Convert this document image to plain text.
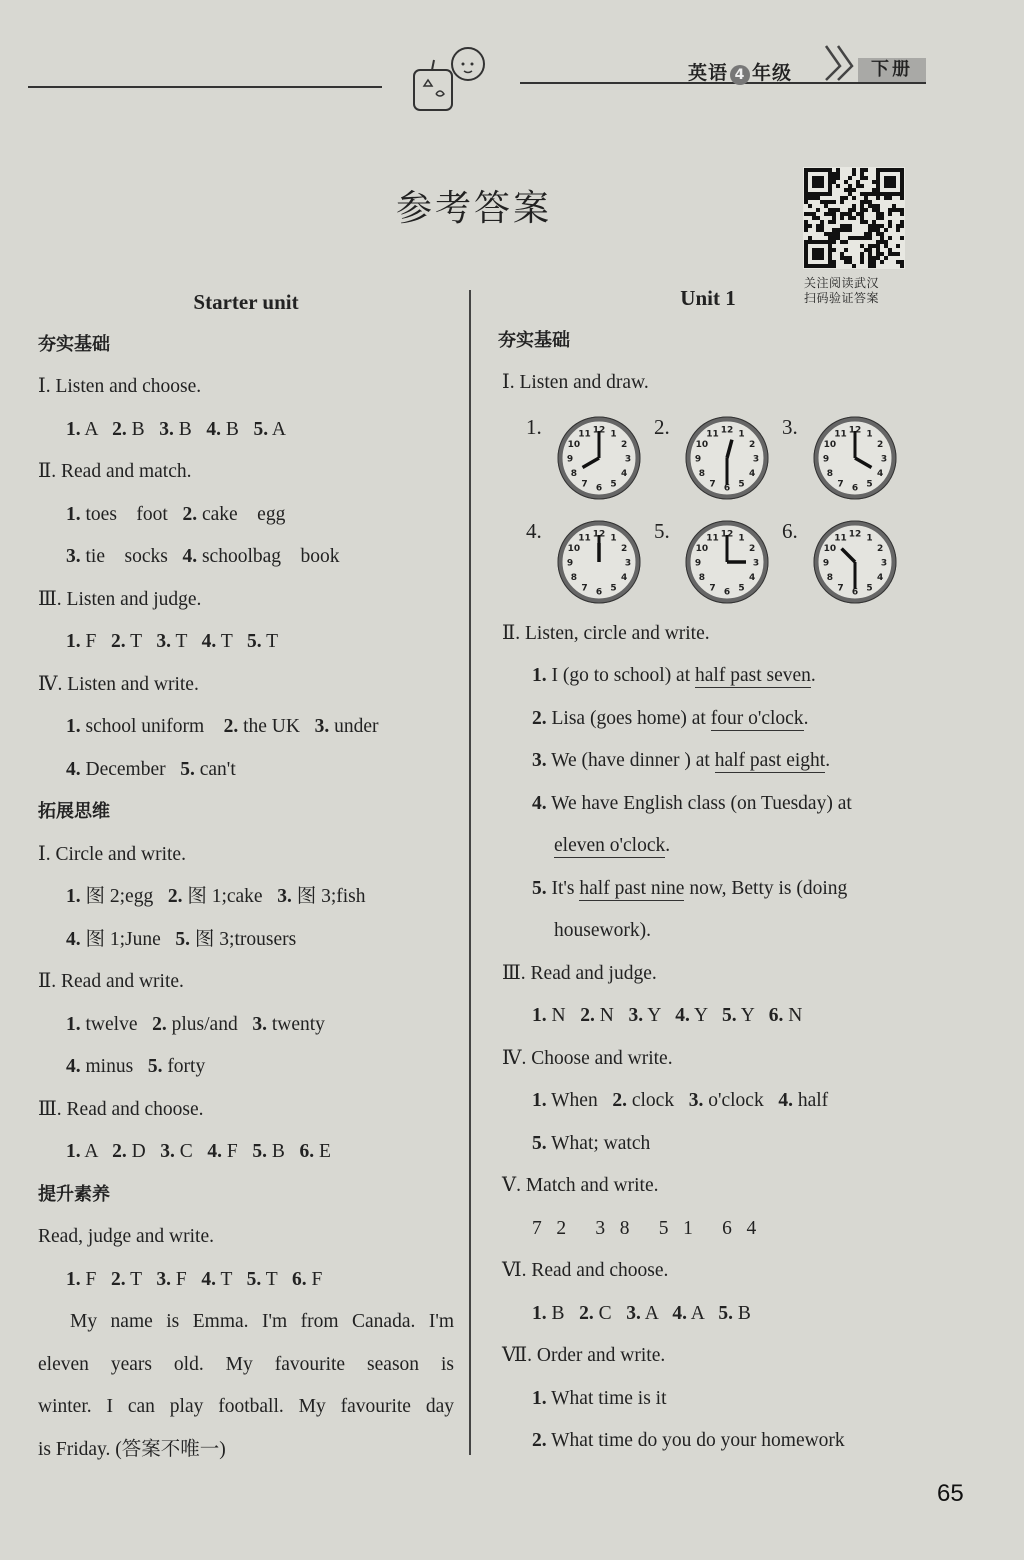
英语 4 年级	下册
参考答案
关注阅读武汉
扫码验证答案
Starter unit
夯实基础
Ⅰ. Listen and choose.
1. A   2. B   3. B   4. B   5. A
Ⅱ. Read and match.
1. toes    foot   2. cake    egg
3. tie    socks   4. schoolbag    book
Ⅲ. Listen and judge.
1. F   2. T   3. T   4. T   5. T
Ⅳ. Listen and write.
1. school uniform    2. the UK   3. under
4. December   5. can't
拓展思维
Ⅰ. Circle and write.
1. 图 2;egg   2. 图 1;cake   3. 图 3;fish
4. 图 1;June   5. 图 3;trousers
Ⅱ. Read and write.
1. twelve   2. plus/and   3. twenty
4. minus   5. forty
Ⅲ. Read and choose.
1. A   2. D   3. C   4. F   5. B   6. E
提升素养
Read, judge and write.
1. F   2. T   3. F   4. T   5. T   6. F
My name is Emma. I'm from Canada. I'm
eleven years old. My favourite season is
winter. I can play football. My favourite day
is Friday. (答案不唯一)
Unit 1
夯实基础
Ⅰ. Listen and draw.
1.	1
2
3
4
5
6
7
8
9
10
11 12 2.	1
2
3
4
5
6
7
8
9
10
11 12 3.	1
2
3
4
5
6
7
8
9
10
11 12
4.	1
2
3
4
5
6
7
8
9
10
11 12 5.	1
2
3
4
5
6
7
8
9
10
11 12 6.	1
2
3
4
5
6
7
8
9
10
11 12
Ⅱ. Listen, circle and write.
1. I (go to school) at half past seven.
2. Lisa (goes home) at four o'clock.
3. We (have dinner ) at half past eight.
4. We have English class (on Tuesday) at
eleven o'clock.
5. It's half past nine now, Betty is (doing
housework).
Ⅲ. Read and judge.
1. N   2. N   3. Y   4. Y   5. Y   6. N
Ⅳ. Choose and write.
1. When   2. clock   3. o'clock   4. half
5. What; watch
Ⅴ. Match and write.
7   2      3   8      5   1      6   4
Ⅵ. Read and choose.
1. B   2. C   3. A   4. A   5. B
Ⅶ. Order and write.
1. What time is it
2. What time do you do your homework
65
